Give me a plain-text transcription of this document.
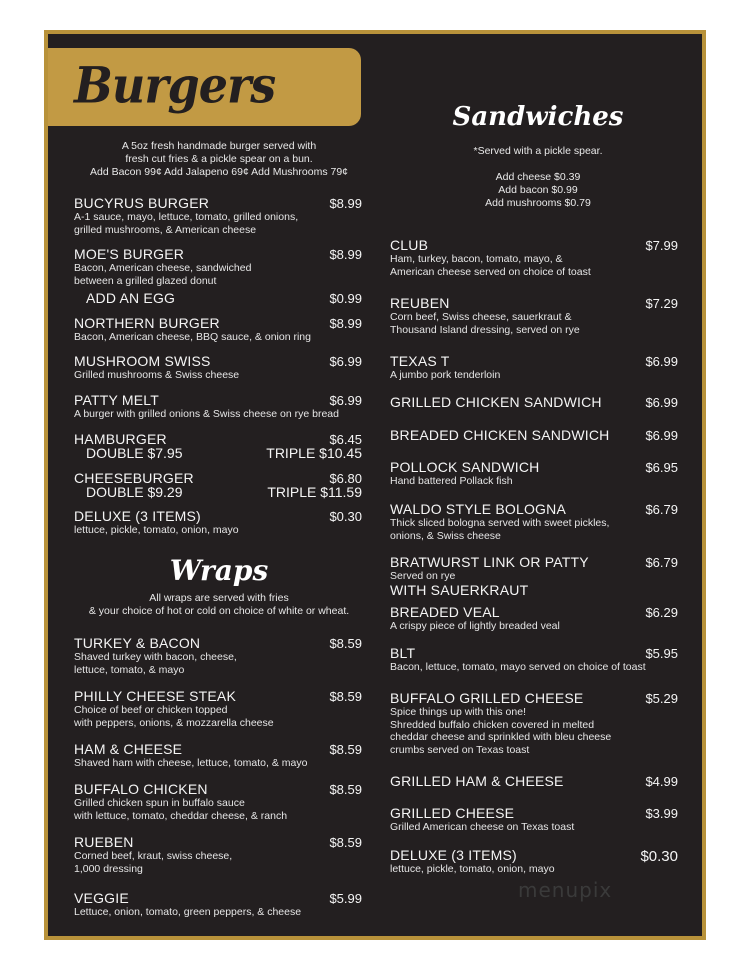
Burgers
A 5oz fresh handmade burger served with
fresh cut fries & a pickle spear on a bun.
Add Bacon 99¢ Add Jalapeno 69¢ Add Mushrooms 79¢
BUCYRUS BURGER	$8.99
A-1 sauce, mayo, lettuce, tomato, grilled onions,
grilled mushrooms, & American cheese
MOE'S BURGER	$8.99
Bacon, American cheese, sandwiched
between a grilled glazed donut
ADD AN EGG	$0.99
NORTHERN BURGER	$8.99
Bacon, American cheese, BBQ sauce, & onion ring
MUSHROOM SWISS	$6.99
Grilled mushrooms & Swiss cheese
PATTY MELT	$6.99
A burger with grilled onions & Swiss cheese on rye bread
HAMBURGER	$6.45
DOUBLE $7.95	TRIPLE $10.45
CHEESEBURGER	$6.80
DOUBLE $9.29	TRIPLE $11.59
DELUXE (3 ITEMS)	$0.30
lettuce, pickle, tomato, onion, mayo
Wraps
All wraps are served with fries
& your choice of hot or cold on choice of white or wheat.
TURKEY & BACON	$8.59
Shaved turkey with bacon, cheese,
lettuce, tomato, & mayo
PHILLY CHEESE STEAK	$8.59
Choice of beef or chicken topped
with peppers, onions, & mozzarella cheese
HAM & CHEESE	$8.59
Shaved ham with cheese, lettuce, tomato, & mayo
BUFFALO CHICKEN	$8.59
Grilled chicken spun in buffalo sauce
with lettuce, tomato, cheddar cheese, & ranch
RUEBEN	$8.59
Corned beef, kraut, swiss cheese,
1,000 dressing
VEGGIE	$5.99
Lettuce, onion, tomato, green peppers, & cheese
Sandwiches
*Served with a pickle spear.
Add cheese $0.39
Add bacon $0.99
Add mushrooms $0.79
CLUB	$7.99
Ham, turkey, bacon, tomato, mayo, &
American cheese served on choice of toast
REUBEN	$7.29
Corn beef, Swiss cheese, sauerkraut &
Thousand Island dressing, served on rye
TEXAS T	$6.99
A jumbo pork tenderloin
GRILLED CHICKEN SANDWICH	$6.99
BREADED CHICKEN SANDWICH	$6.99
POLLOCK SANDWICH	$6.95
Hand battered Pollack fish
WALDO STYLE BOLOGNA	$6.79
Thick sliced bologna served with sweet pickles,
onions, & Swiss cheese
BRATWURST LINK OR PATTY	$6.79
Served on rye
WITH SAUERKRAUT
BREADED VEAL	$6.29
A crispy piece of lightly breaded veal
BLT	$5.95
Bacon, lettuce, tomato, mayo served on choice of toast
BUFFALO GRILLED CHEESE	$5.29
Spice things up with this one!
Shredded buffalo chicken covered in melted
cheddar cheese and sprinkled with bleu cheese
crumbs served on Texas toast
GRILLED HAM & CHEESE	$4.99
GRILLED CHEESE	$3.99
Grilled American cheese on Texas toast
DELUXE (3 ITEMS)	$0.30
lettuce, pickle, tomato, onion, mayo
menupix
